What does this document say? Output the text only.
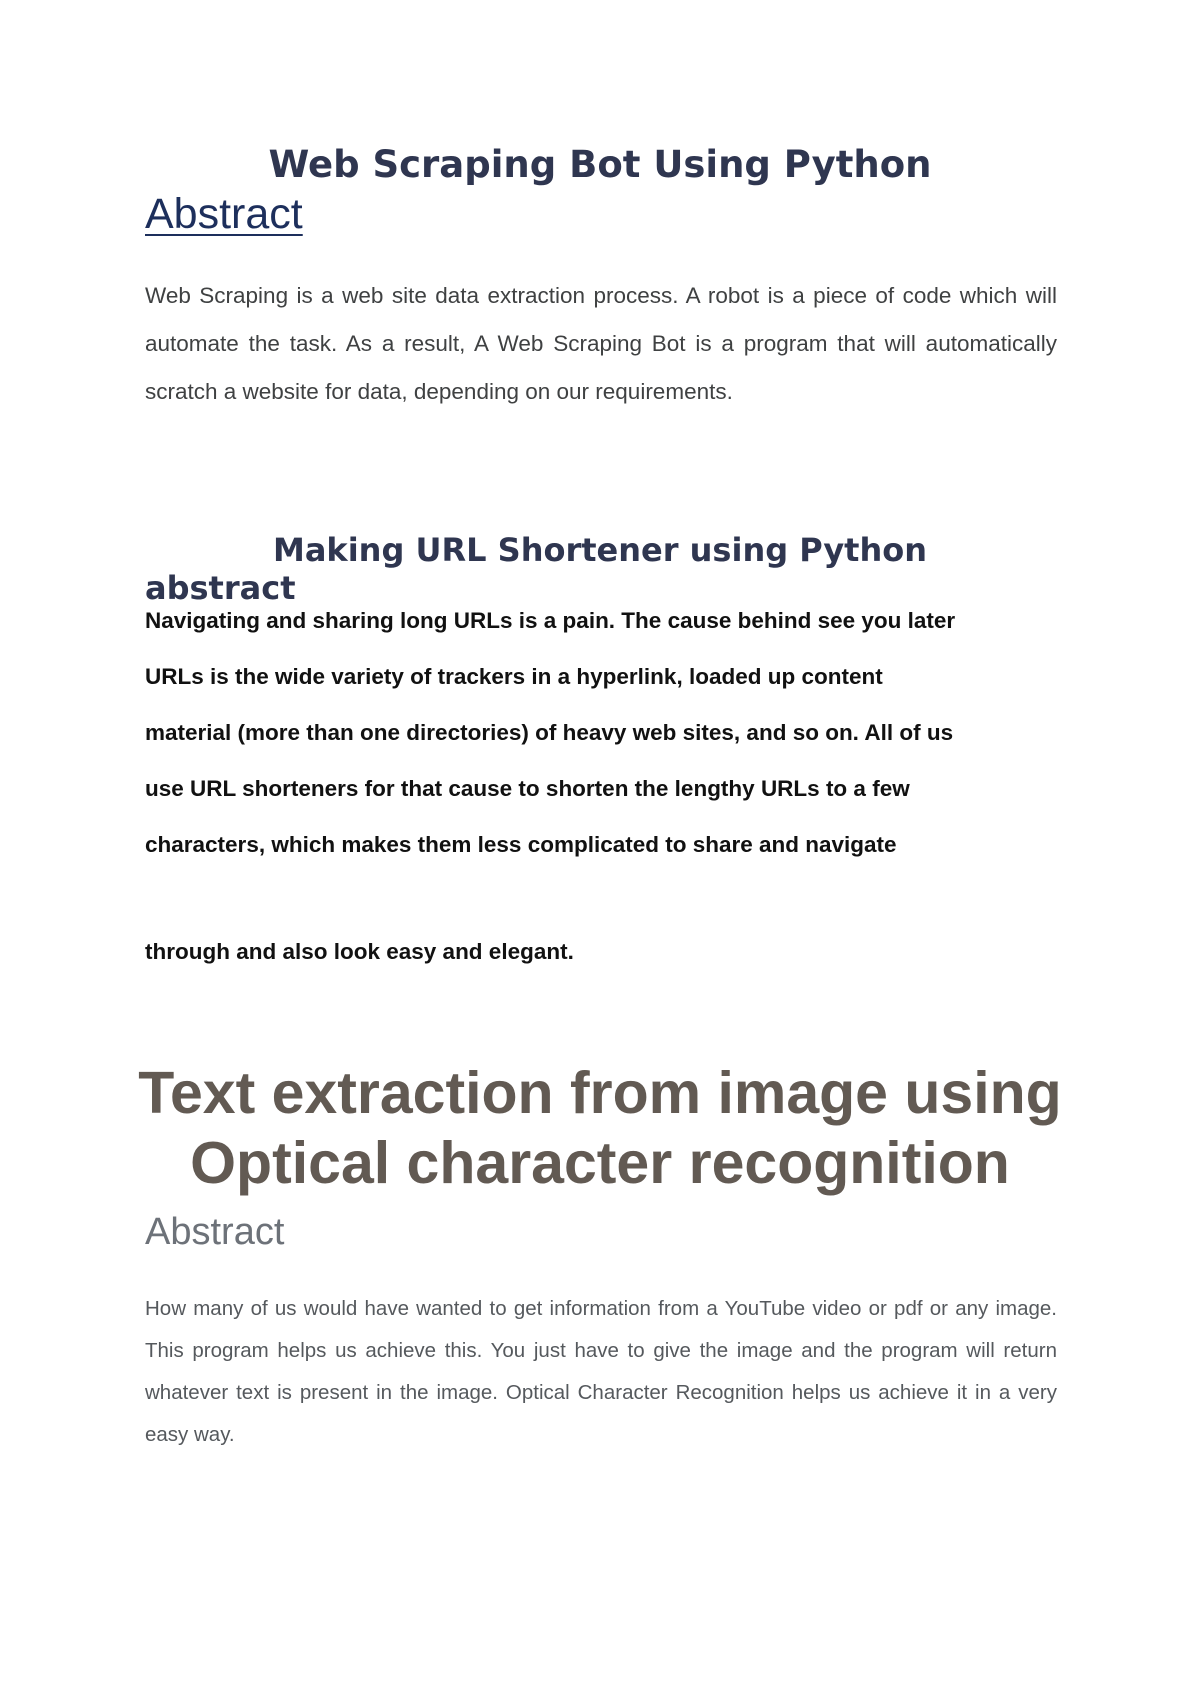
Web Scraping Bot Using Python
Abstract

Web Scraping is a web site data extraction process. A robot is a piece of code which will automate the task. As a result, A Web Scraping Bot is a program that will automatically scratch a website for data, depending on our requirements.

Making URL Shortener using Python
abstract
Navigating and sharing long URLs is a pain. The cause behind see you later
URLs is the wide variety of trackers in a hyperlink, loaded up content
material (more than one directories) of heavy web sites, and so on. All of us
use URL shorteners for that cause to shorten the lengthy URLs to a few
characters, which makes them less complicated to share and navigate
through and also look easy and elegant.
Text extraction from image using
Optical character recognition
Abstract

How many of us would have wanted to get information from a YouTube video or pdf or any image. This program helps us achieve this. You just have to give the image and the program will return whatever text is present in the image. Optical Character Recognition helps us achieve it in a very easy way.
